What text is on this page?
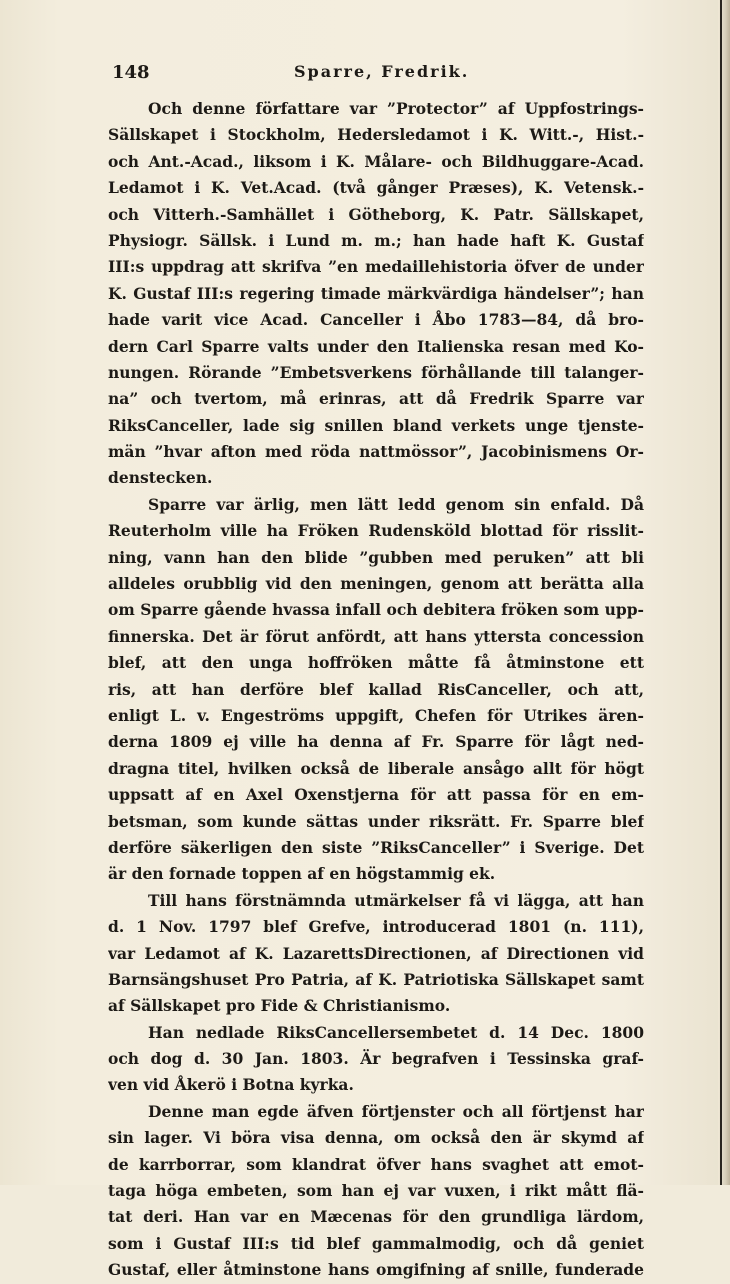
148	Sparre, Fredrik.
Och denne författare var ”Protector” af Uppfostrings-
Sällskapet i Stockholm, Hedersledamot i K. Witt.-, Hist.-
och Ant.-Acad., liksom i K. Målare- och Bildhuggare-Acad.
Ledamot i K. Vet.Acad. (två gånger Præses), K. Vetensk.-
och Vitterh.-Samhället i Götheborg, K. Patr. Sällskapet,
Physiogr. Sällsk. i Lund m. m.; han hade haft K. Gustaf
III:s uppdrag att skrifva ”en medaillehistoria öfver de under
K. Gustaf III:s regering timade märkvärdiga händelser”; han
hade varit vice Acad. Canceller i Åbo 1783—84, då bro-
dern Carl Sparre valts under den Italienska resan med Ko-
nungen. Rörande ”Embetsverkens förhållande till talanger-
na” och tvertom, må erinras, att då Fredrik Sparre var
RiksCanceller, lade sig snillen bland verkets unge tjenste-
män ”hvar afton med röda nattmössor”, Jacobinismens Or-
denstecken.
Sparre var ärlig, men lätt ledd genom sin enfald. Då
Reuterholm ville ha Fröken Rudensköld blottad för risslit-
ning, vann han den blide ”gubben med peruken” att bli
alldeles orubblig vid den meningen, genom att berätta alla
om Sparre gående hvassa infall och debitera fröken som upp-
finnerska. Det är förut anfördt, att hans yttersta concession
blef, att den unga hoffröken måtte få åtminstone ett
ris, att han derföre blef kallad RisCanceller, och att,
enligt L. v. Engeströms uppgift, Chefen för Utrikes ären-
derna 1809 ej ville ha denna af Fr. Sparre för lågt ned-
dragna titel, hvilken också de liberale ansågo allt för högt
uppsatt af en Axel Oxenstjerna för att passa för en em-
betsman, som kunde sättas under riksrätt. Fr. Sparre blef
derföre säkerligen den siste ”RiksCanceller” i Sverige. Det
är den fornade toppen af en högstammig ek.
Till hans förstnämnda utmärkelser få vi lägga, att han
d. 1 Nov. 1797 blef Grefve, introducerad 1801 (n. 111),
var Ledamot af K. LazarettsDirectionen, af Directionen vid
Barnsängshuset Pro Patria, af K. Patriotiska Sällskapet samt
af Sällskapet pro Fide & Christianismo.
Han nedlade RiksCancellersembetet d. 14 Dec. 1800
och dog d. 30 Jan. 1803. Är begrafven i Tessinska graf-
ven vid Åkerö i Botna kyrka.
Denne man egde äfven förtjenster och all förtjenst har
sin lager. Vi böra visa denna, om också den är skymd af
de karrborrar, som klandrat öfver hans svaghet att emot-
taga höga embeten, som han ej var vuxen, i rikt mått flä-
tat deri. Han var en Mæcenas för den grundliga lärdom,
som i Gustaf III:s tid blef gammalmodig, och då geniet
Gustaf, eller åtminstone hans omgifning af snille, funderade
